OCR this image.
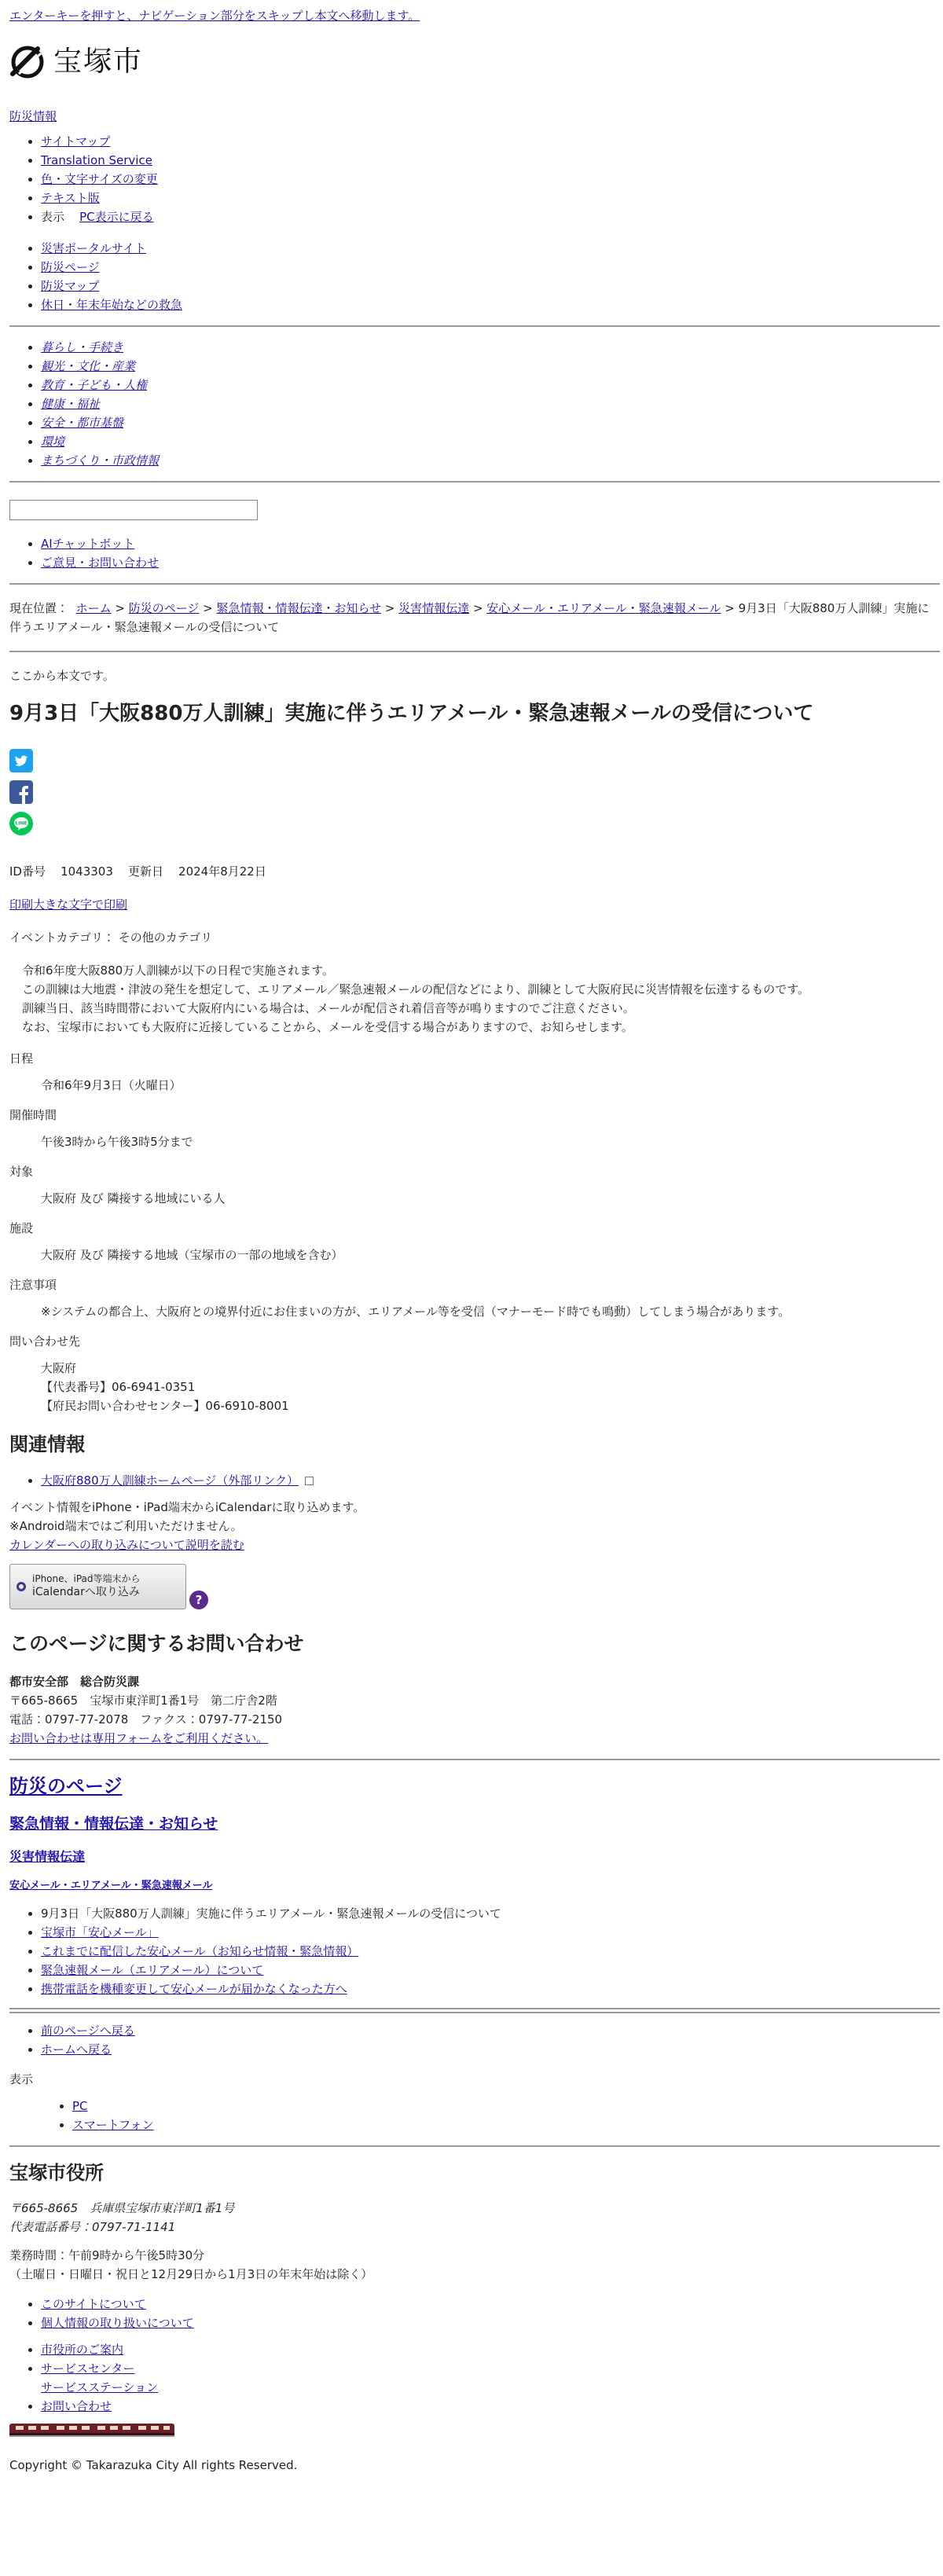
エンターキーを押すと、ナビゲーション部分をスキップし本文へ移動します。
宝塚市
防災情報
• サイトマップ
• Translation Service
• 色・文字サイズの変更
• テキスト版
• 表示 PC表示に戻る
• 災害ポータルサイト
• 防災ページ
• 防災マップ
• 休日・年末年始などの救急
• 暮らし・手続き
• 観光・文化・産業
• 教育・子ども・人権
• 健康・福祉
• 安全・都市基盤
• 環境
• まちづくり・市政情報
• AIチャットボット
• ご意見・お問い合わせ
現在位置： ホーム > 防災のページ > 緊急情報・情報伝達・お知らせ > 災害情報伝達 > 安心メール・エリアメール・緊急速報メール > 9月3日「大阪880万人訓練」実施に伴うエリアメール・緊急速報メールの受信について
ここから本文です。
9月3日「大阪880万人訓練」実施に伴うエリアメール・緊急速報メールの受信について
LINE
ID番号 1043303 更新日 2024年8月22日
印刷大きな文字で印刷
イベントカテゴリ： その他のカテゴリ

令和6年度大阪880万人訓練が以下の日程で実施されます。

この訓練は大地震・津波の発生を想定して、エリアメール／緊急速報メールの配信などにより、訓練として大阪府民に災害情報を伝達するものです。

訓練当日、該当時間帯において大阪府内にいる場合は、メールが配信され着信音等が鳴りますのでご注意ください。

なお、宝塚市においても大阪府に近接していることから、メールを受信する場合がありますので、お知らせします。

日程
令和6年9月3日（火曜日）
開催時間
午後3時から午後3時5分まで
対象
大阪府 及び 隣接する地域にいる人
施設
大阪府 及び 隣接する地域（宝塚市の一部の地域を含む）
注意事項
※システムの都合上、大阪府との境界付近にお住まいの方が、エリアメール等を受信（マナーモード時でも鳴動）してしまう場合があります。
問い合わせ先
大阪府
【代表番号】06-6941-0351
【府民お問い合わせセンター】06-6910-8001
関連情報
• 大阪府880万人訓練ホームページ（外部リンク）
イベント情報をiPhone・iPad端末からiCalendarに取り込めます。
※Android端末ではご利用いただけません。
カレンダーへの取り込みについて説明を読む
iPhone、iPad等端末から
iCalendarへ取り込み
?
このページに関するお問い合わせ

都市安全部　総合防災課

〒665-8665　宝塚市東洋町1番1号　第二庁舎2階

電話：0797-77-2078　ファクス：0797-77-2150

お問い合わせは専用フォームをご利用ください。
防災のページ
緊急情報・情報伝達・お知らせ
災害情報伝達
安心メール・エリアメール・緊急速報メール
• 9月3日「大阪880万人訓練」実施に伴うエリアメール・緊急速報メールの受信について
• 宝塚市「安心メール」
• これまでに配信した安心メール（お知らせ情報・緊急情報）
• 緊急速報メール（エリアメール）について
• 携帯電話を機種変更して安心メールが届かなくなった方へ
• 前のページへ戻る
• ホームへ戻る
表示
• PC
• スマートフォン
宝塚市役所

〒665-8665　兵庫県宝塚市東洋町1番1号

代表電話番号：0797-71-1141

業務時間：午前9時から午後5時30分

（土曜日・日曜日・祝日と12月29日から1月3日の年末年始は除く）

• このサイトについて
• 個人情報の取り扱いについて
• 市役所のご案内
• サービスセンター
サービスステーション
• お問い合わせ
Copyright © Takarazuka City All rights Reserved.
